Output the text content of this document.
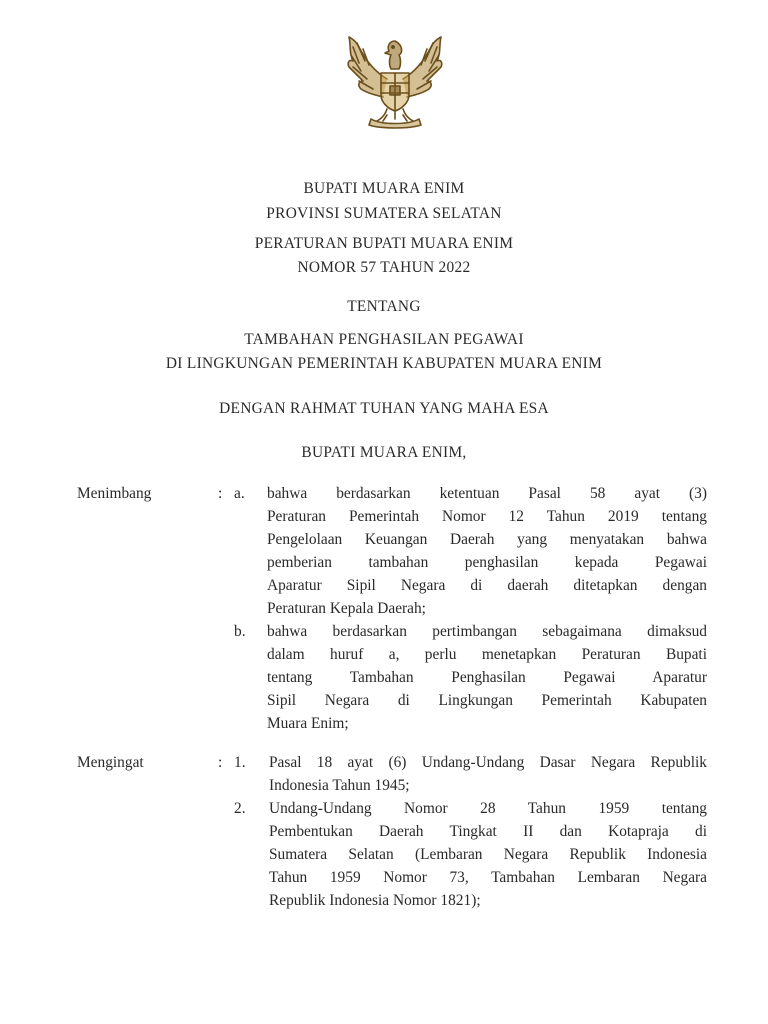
BUPATI MUARA ENIM
PROVINSI SUMATERA SELATAN
PERATURAN BUPATI MUARA ENIM
NOMOR 57 TAHUN 2022
TENTANG
TAMBAHAN PENGHASILAN PEGAWAI
DI LINGKUNGAN PEMERINTAH KABUPATEN MUARA ENIM
DENGAN RAHMAT TUHAN YANG MAHA ESA
BUPATI MUARA ENIM,
Menimbang	: a. bahwa berdasarkan ketentuan Pasal 58 ayat (3)
Peraturan Pemerintah Nomor 12 Tahun 2019 tentang
Pengelolaan Keuangan Daerah yang menyatakan bahwa
pemberian tambahan penghasilan kepada Pegawai
Aparatur Sipil Negara di daerah ditetapkan dengan
Peraturan Kepala Daerah;
b. bahwa berdasarkan pertimbangan sebagaimana dimaksud
dalam huruf a, perlu menetapkan Peraturan Bupati
tentang Tambahan Penghasilan Pegawai Aparatur
Sipil Negara di Lingkungan Pemerintah Kabupaten
Muara Enim;
Mengingat	: 1. Pasal 18 ayat (6) Undang-Undang Dasar Negara Republik
Indonesia Tahun 1945;
2. Undang-Undang Nomor 28 Tahun 1959 tentang
Pembentukan Daerah Tingkat II dan Kotapraja di
Sumatera Selatan (Lembaran Negara Republik Indonesia
Tahun 1959 Nomor 73, Tambahan Lembaran Negara
Republik Indonesia Nomor 1821);
